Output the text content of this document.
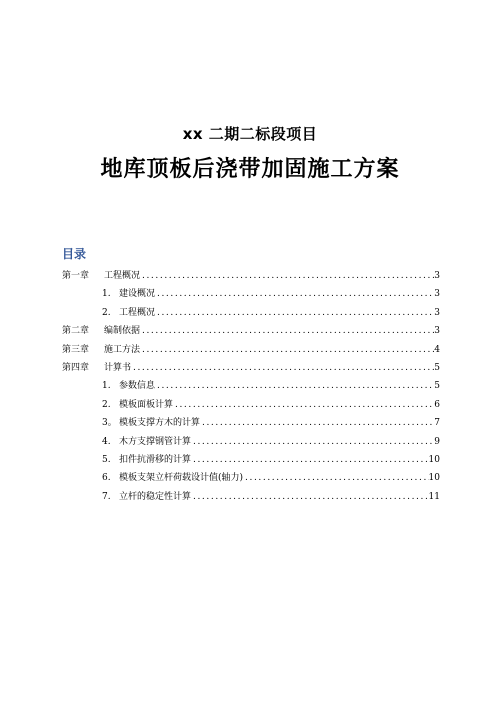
xx 二期二标段项目
地库顶板后浇带加固施工方案
目录
第一章	工程概况 .....	3
1. 建设概况 .....	3
2. 工程概况 .....	3
第二章	编制依据 .....	3
第三章	施工方法 .....	4
第四章	计算书 .....	5
1. 参数信息 .....	5
2. 模板面板计算 .....	6
3。 模板支撑方木的计算 .....	7
4. 木方支撑钢管计算 .....	9
5. 扣件抗滑移的计算 .....	10
6. 模板支架立杆荷载设计值(轴力) .....	10
7. 立杆的稳定性计算 .....	11
